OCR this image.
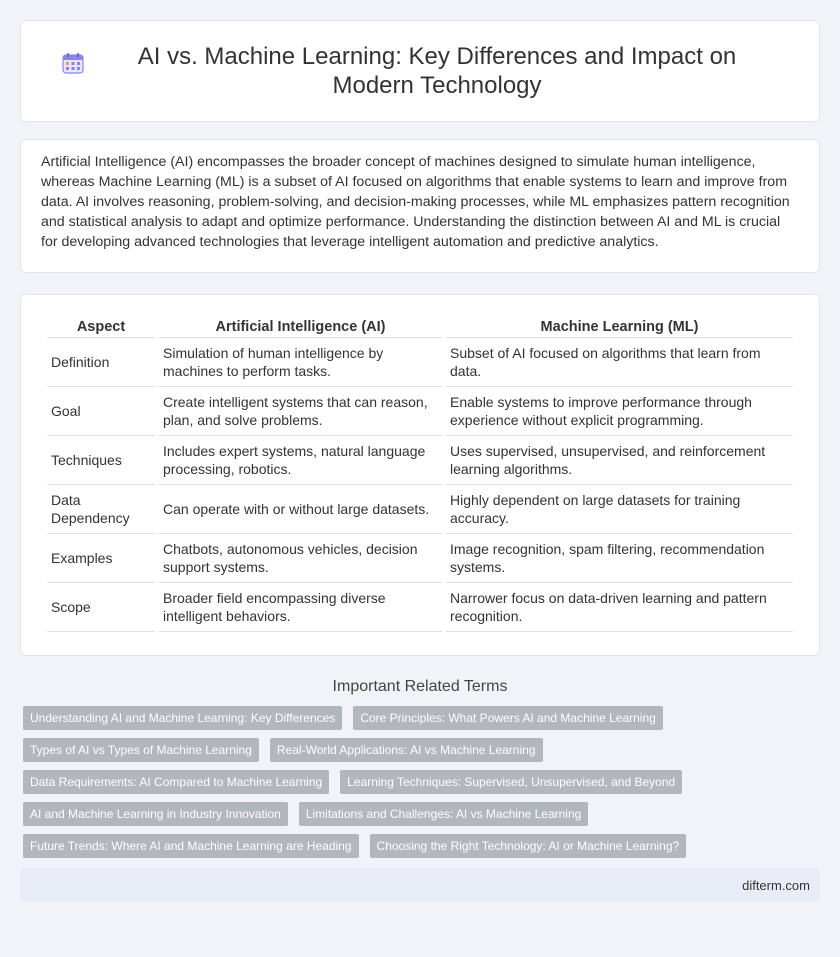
AI vs. Machine Learning: Key Differences and Impact on Modern Technology

Artificial Intelligence (AI) encompasses the broader concept of machines designed to simulate human intelligence, whereas Machine Learning (ML) is a subset of AI focused on algorithms that enable systems to learn and improve from data. AI involves reasoning, problem-solving, and decision-making processes, while ML emphasizes pattern recognition and statistical analysis to adapt and optimize performance. Understanding the distinction between AI and ML is crucial for developing advanced technologies that leverage intelligent automation and predictive analytics.

Aspect	Artificial Intelligence (AI)	Machine Learning (ML)
Definition	Simulation of human intelligence by machines to perform tasks.	Subset of AI focused on algorithms that learn from data.
Goal	Create intelligent systems that can reason, plan, and solve problems.	Enable systems to improve performance through experience without explicit programming.
Techniques	Includes expert systems, natural language processing, robotics.	Uses supervised, unsupervised, and reinforcement learning algorithms.
Data Dependency	Can operate with or without large datasets.	Highly dependent on large datasets for training accuracy.
Examples	Chatbots, autonomous vehicles, decision support systems.	Image recognition, spam filtering, recommendation systems.
Scope	Broader field encompassing diverse intelligent behaviors.	Narrower focus on data-driven learning and pattern recognition.
Important Related Terms
Understanding AI and Machine Learning: Key Differences	Core Principles: What Powers AI and Machine Learning
Types of AI vs Types of Machine Learning	Real-World Applications: AI vs Machine Learning
Data Requirements: AI Compared to Machine Learning	Learning Techniques: Supervised, Unsupervised, and Beyond
AI and Machine Learning in Industry Innovation	Limitations and Challenges: AI vs Machine Learning
Future Trends: Where AI and Machine Learning are Heading	Choosing the Right Technology: AI or Machine Learning?
difterm.com
